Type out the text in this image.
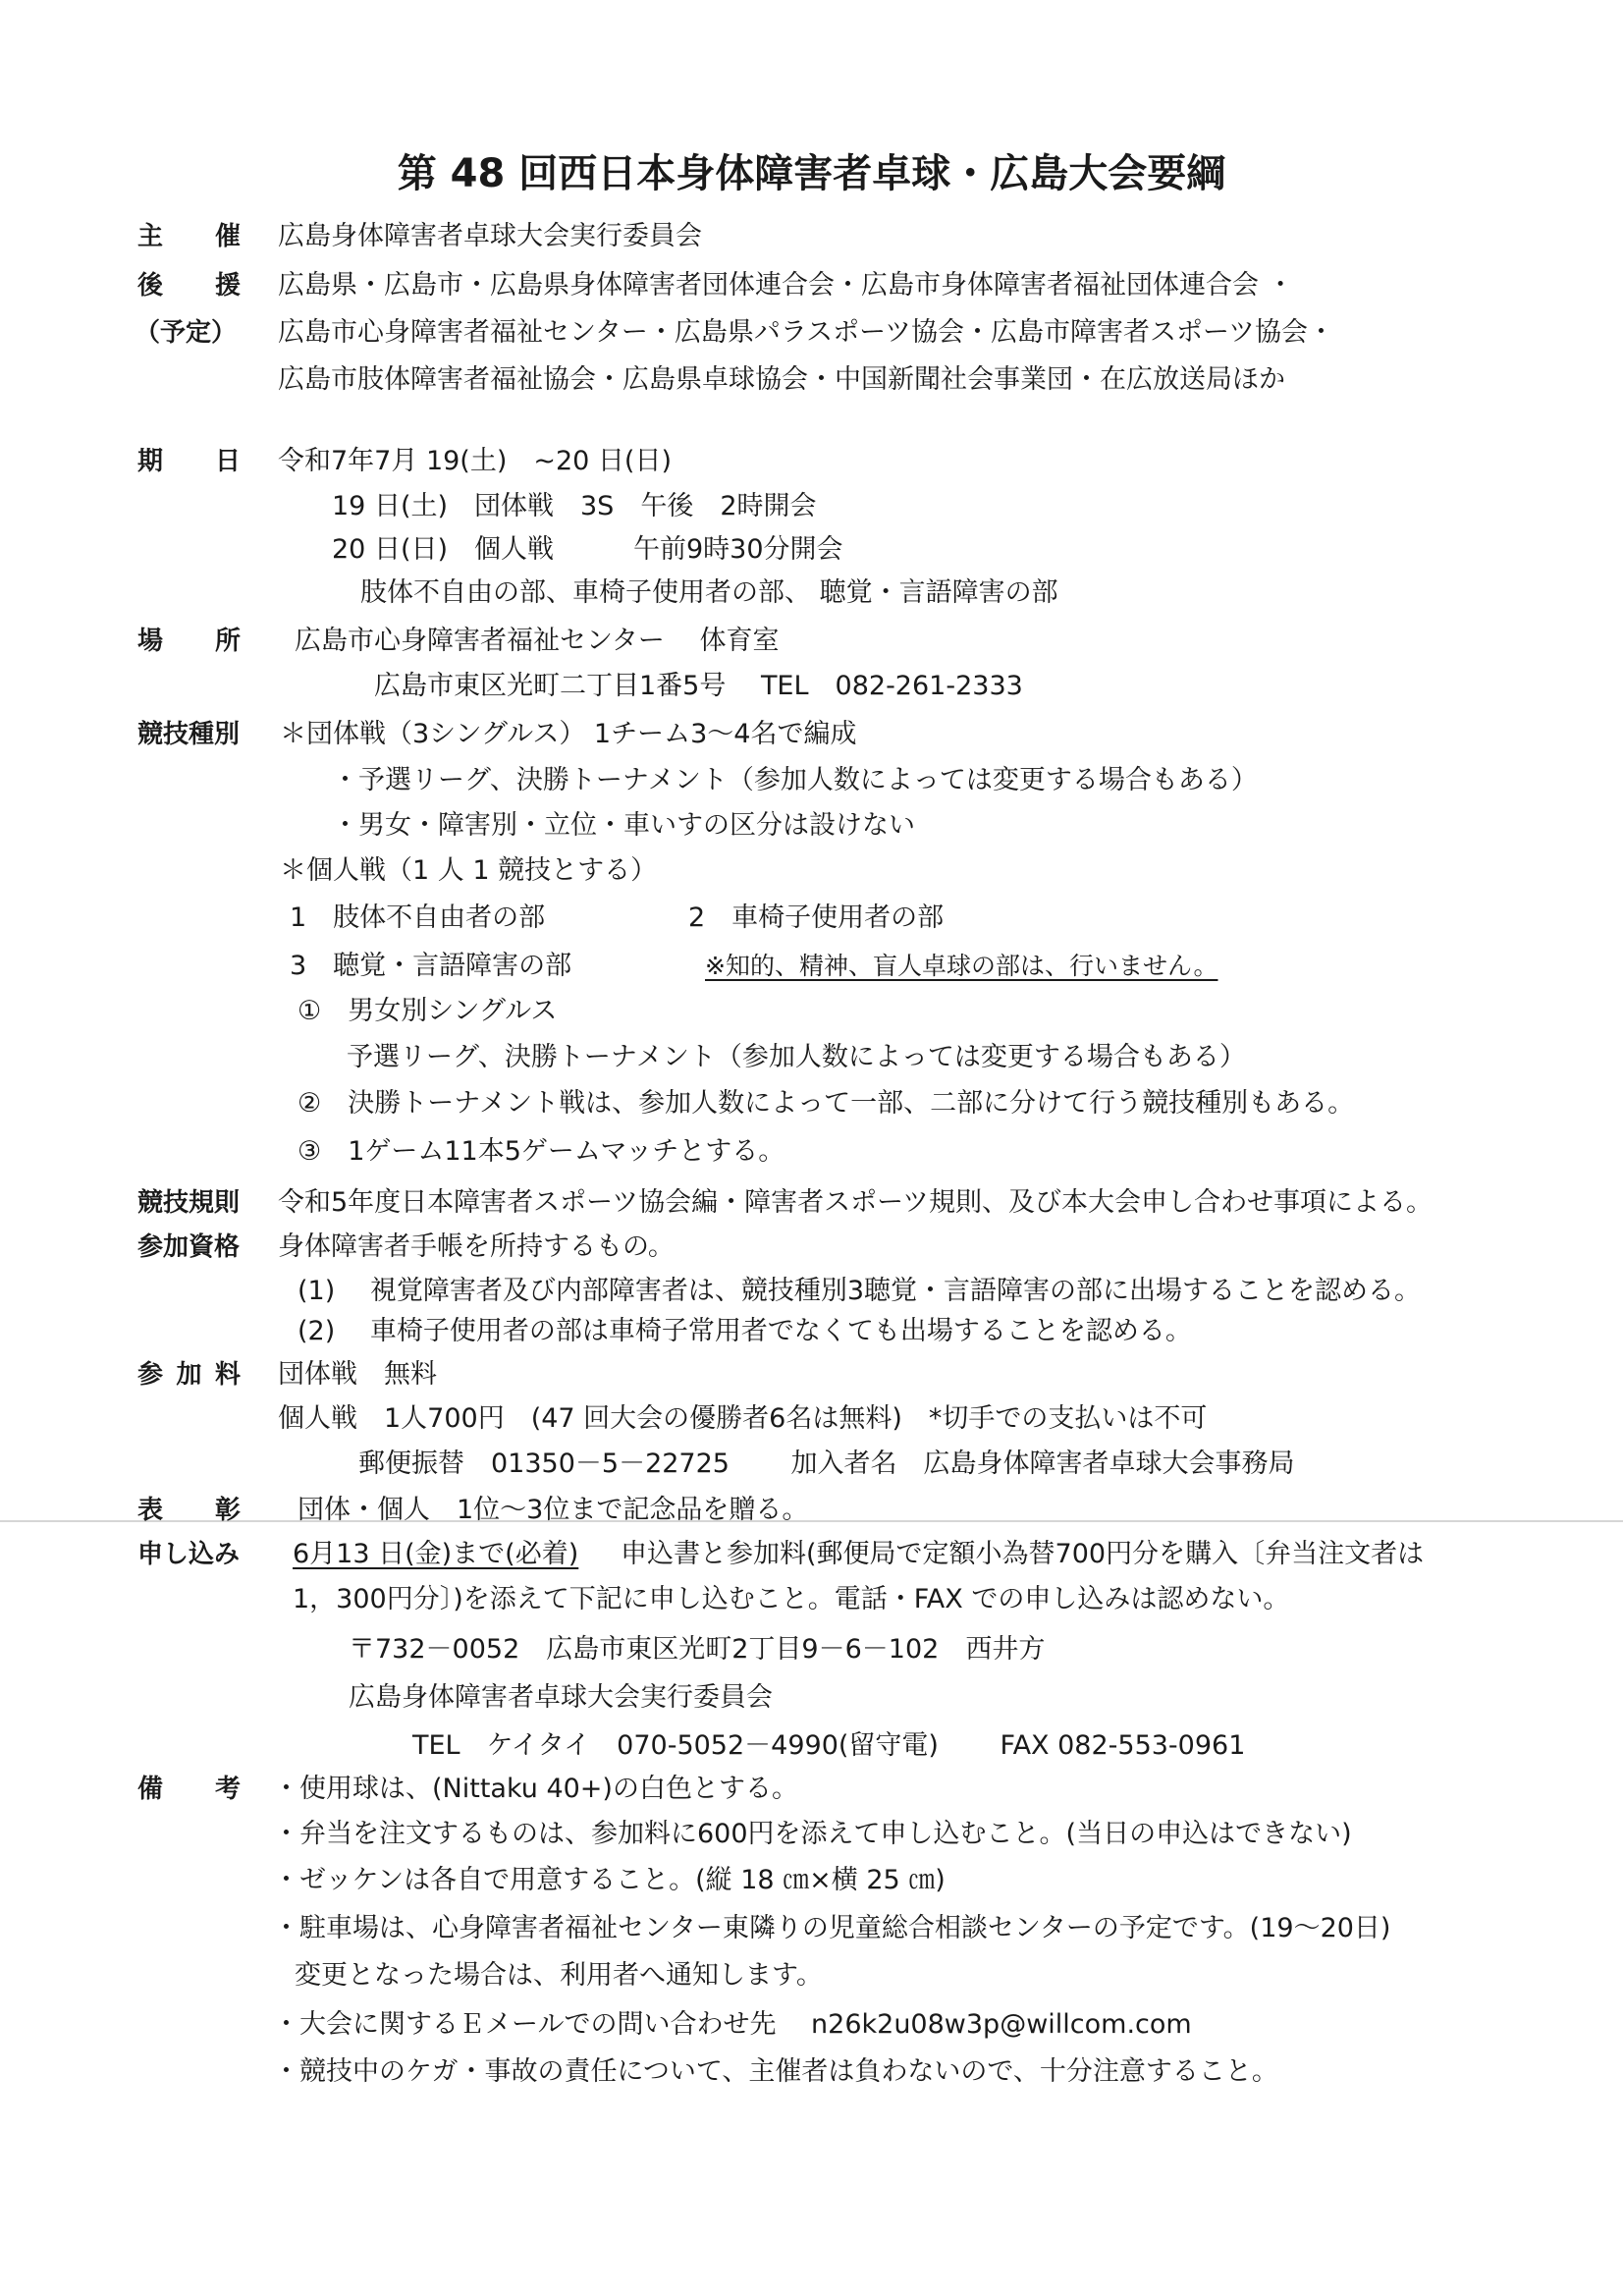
第 48 回西日本身体障害者卓球・広島大会要綱
主　催 広島身体障害者卓球大会実行委員会
後　援
（予定）
広島県・広島市・広島県身体障害者団体連合会・広島市身体障害者福祉団体連合会 ・
広島市心身障害者福祉センター・広島県パラスポーツ協会・広島市障害者スポーツ協会・
広島市肢体障害者福祉協会・広島県卓球協会・中国新聞社会事業団・在広放送局ほか
期　日 令和7年7月 19(土)　~20 日(日)
19 日(土)　団体戦　3S　午後　2時開会
20 日(日)　個人戦　　　午前9時30分開会
肢体不自由の部、車椅子使用者の部、 聴覚・言語障害の部
場　所 広島市心身障害者福祉センター　 体育室
広島市東区光町二丁目1番5号　 TEL　082-261-2333
競技種別 ＊団体戦（3シングルス） 1チーム3～4名で編成
・予選リーグ、決勝トーナメント（参加人数によっては変更する場合もある）
・男女・障害別・立位・車いすの区分は設けない
＊個人戦（1 人 1 競技とする）
1　肢体不自由者の部	2　車椅子使用者の部
3　聴覚・言語障害の部	※知的、精神、盲人卓球の部は、行いません。
①　男女別シングルス
予選リーグ、決勝トーナメント（参加人数によっては変更する場合もある）
②　決勝トーナメント戦は、参加人数によって一部、二部に分けて行う競技種別もある。
③　1ゲーム11本5ゲームマッチとする。
競技規則 令和5年度日本障害者スポーツ協会編・障害者スポーツ規則、及び本大会申し合わせ事項による。
参加資格 身体障害者手帳を所持するもの。
(1)　 視覚障害者及び内部障害者は、競技種別3聴覚・言語障害の部に出場することを認める。
(2)　 車椅子使用者の部は車椅子常用者でなくても出場することを認める。
参加料 団体戦　無料
個人戦　1人700円　(47 回大会の優勝者6名は無料)　*切手での支払いは不可
郵便振替　01350－5－22725　　 加入者名　広島身体障害者卓球大会事務局
表　彰 団体・個人　1位～3位まで記念品を贈る。
申し込み 6月13 日(金)まで(必着) 申込書と参加料(郵便局で定額小為替700円分を購入〔弁当注文者は
1，300円分〕)を添えて下記に申し込むこと。電話・FAX での申し込みは認めない。
〒732－0052　広島市東区光町2丁目9－6－102　西井方
広島身体障害者卓球大会実行委員会
TEL　ケイタイ　070-5052－4990(留守電)　　 FAX 082-553-0961
備　考 ・使用球は、(Nittaku 40+)の白色とする。
・弁当を注文するものは、参加料に600円を添えて申し込むこと。(当日の申込はできない)
・ゼッケンは各自で用意すること。(縦 18 ㎝×横 25 ㎝)
・駐車場は、心身障害者福祉センター東隣りの児童総合相談センターの予定です。(19～20日)
変更となった場合は、利用者へ通知します。
・大会に関するＥメールでの問い合わせ先　 n26k2u08w3p@willcom.com
・競技中のケガ・事故の責任について、主催者は負わないので、十分注意すること。
